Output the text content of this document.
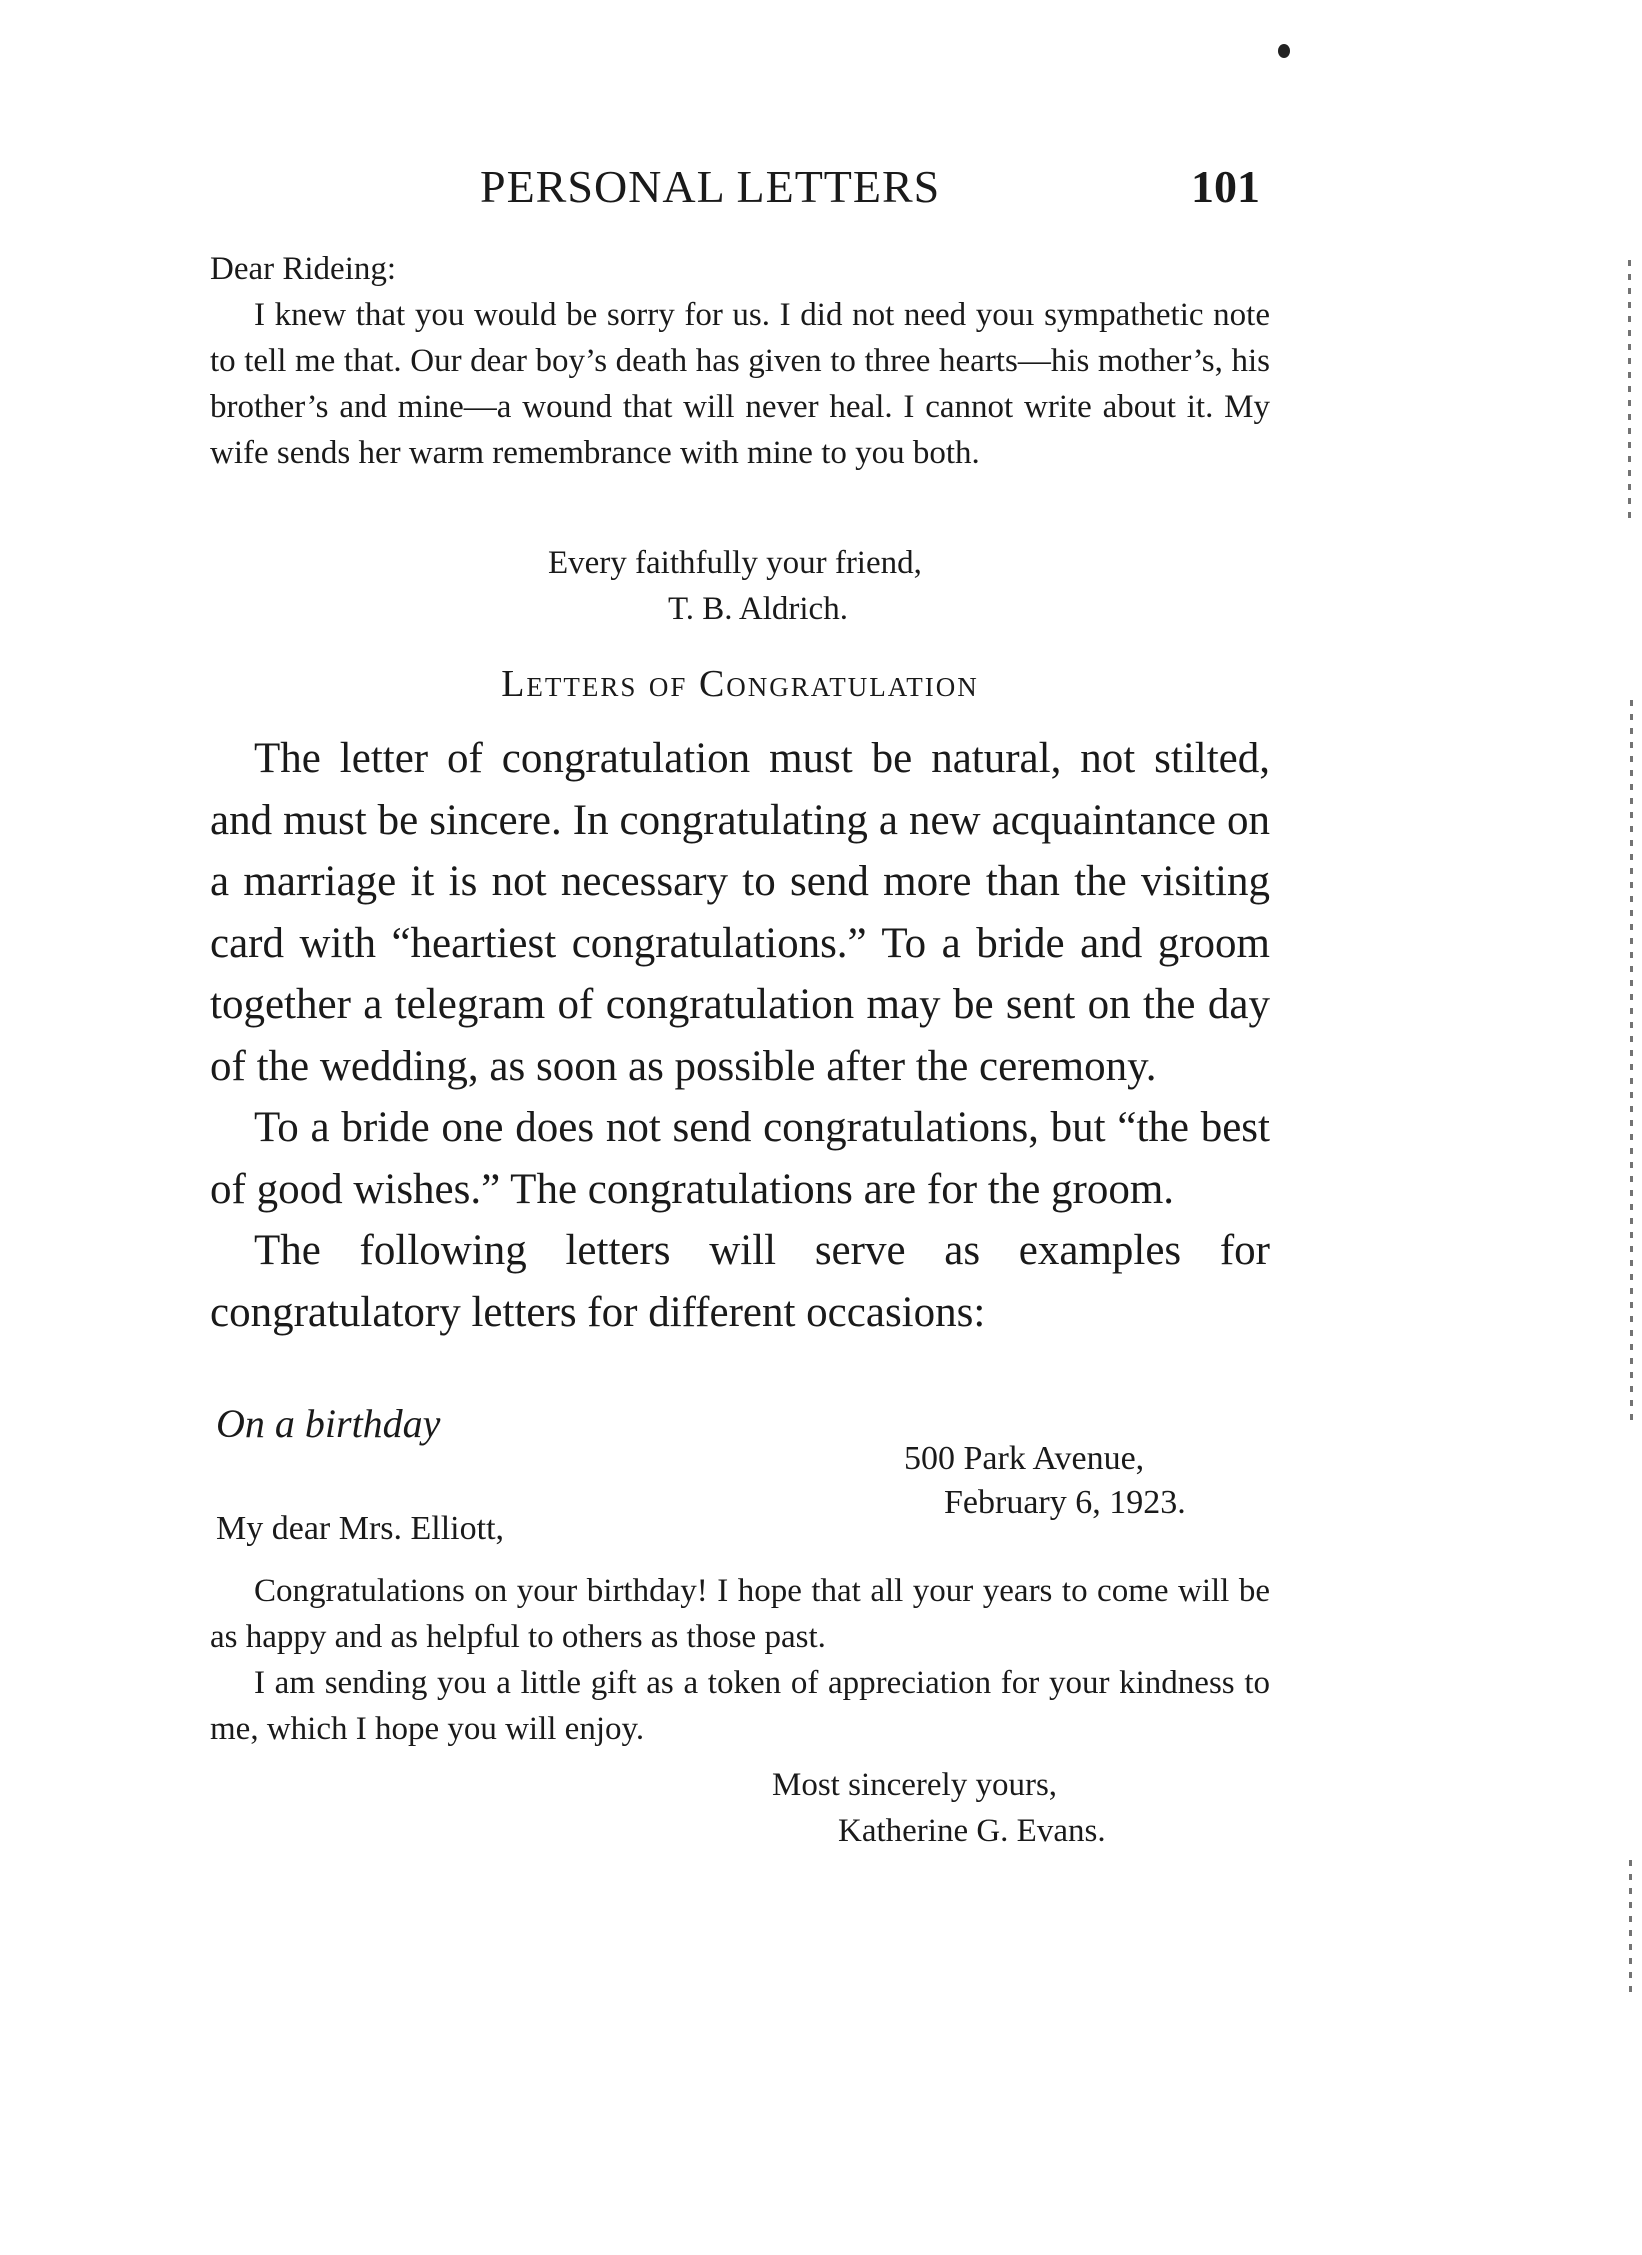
PERSONAL LETTERS	101

Dear Rideing:

I knew that you would be sorry for us. I did not need youı sympathetic note to tell me that. Our dear boy’s death has given to three hearts—his mother’s, his brother’s and mine—a wound that will never heal. I cannot write about it. My wife sends her warm remembrance with mine to you both.

Every faithfully your friend,
T. B. Aldrich.
Letters of Congratulation

The letter of congratulation must be natural, not stilted, and must be sincere. In congratulating a new acquaintance on a marriage it is not necessary to send more than the visiting card with “heartiest congratulations.” To a bride and groom together a telegram of congratulation may be sent on the day of the wedding, as soon as possible after the ceremony.

To a bride one does not send congratulations, but “the best of good wishes.” The congratulations are for the groom.

The following letters will serve as examples for congratulatory letters for different occasions:

On a birthday
500 Park Avenue,
February 6, 1923.
My dear Mrs. Elliott,

Congratulations on your birthday! I hope that all your years to come will be as happy and as helpful to others as those past.

I am sending you a little gift as a token of appreciation for your kindness to me, which I hope you will enjoy.

Most sincerely yours,
Katherine G. Evans.
